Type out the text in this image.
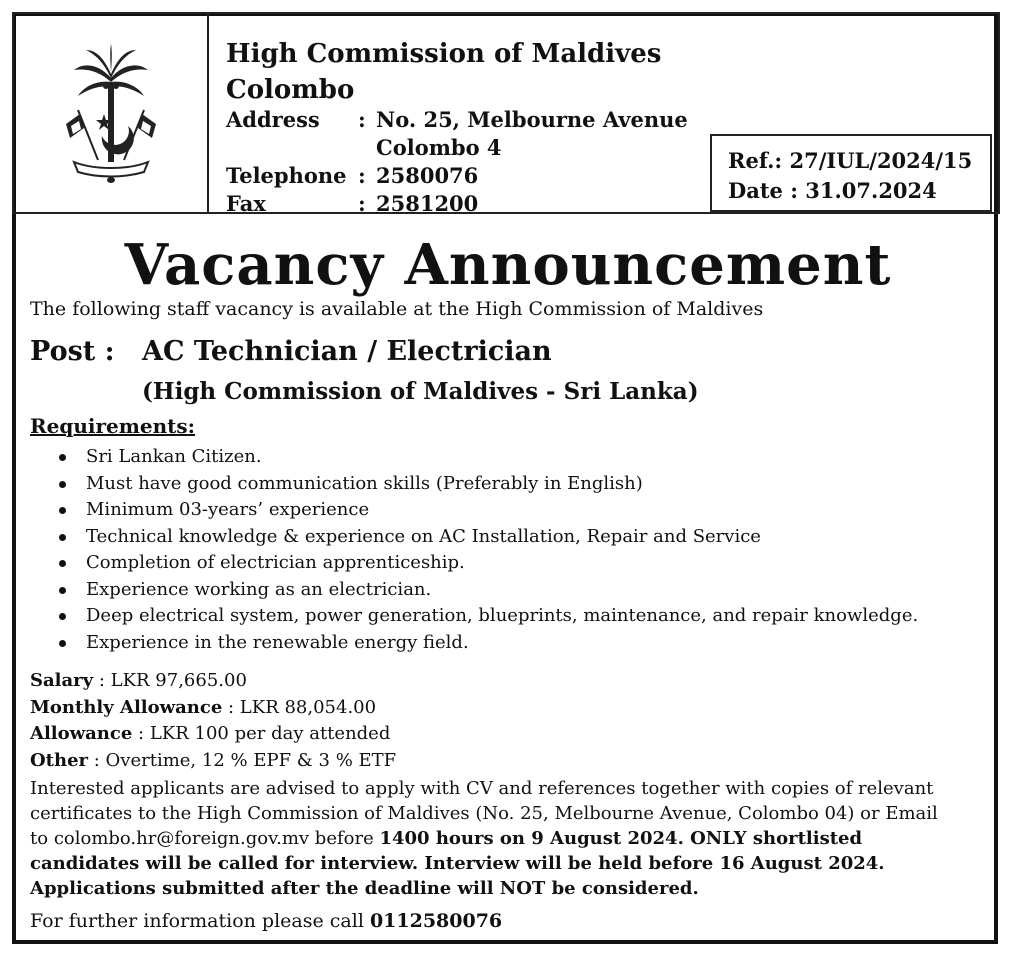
High Commission of Maldives
Colombo
Address	: No. 25, Melbourne Avenue
Colombo 4
Telephone : 2580076
Fax	: 2581200
Ref.: 27/IUL/2024/15
Date : 31.07.2024
Vacancy Announcement
The following staff vacancy is available at the High Commission of Maldives
Post : AC Technician / Electrician
(High Commission of Maldives - Sri Lanka)
Requirements:
Sri Lankan Citizen.
Must have good communication skills (Preferably in English)
Minimum 03-years’ experience
Technical knowledge & experience on AC Installation, Repair and Service
Completion of electrician apprenticeship.
Experience working as an electrician.
Deep electrical system, power generation, blueprints, maintenance, and repair knowledge.
Experience in the renewable energy field.
Salary : LKR 97,665.00
Monthly Allowance : LKR 88,054.00
Allowance : LKR 100 per day attended
Other : Overtime, 12 % EPF & 3 % ETF
Interested applicants are advised to apply with CV and references together with copies of relevant
certificates to the High Commission of Maldives (No. 25, Melbourne Avenue, Colombo 04) or Email
to colombo.hr@foreign.gov.mv before 1400 hours on 9 August 2024. ONLY shortlisted
candidates will be called for interview. Interview will be held before 16 August 2024.
Applications submitted after the deadline will NOT be considered.
For further information please call 0112580076
